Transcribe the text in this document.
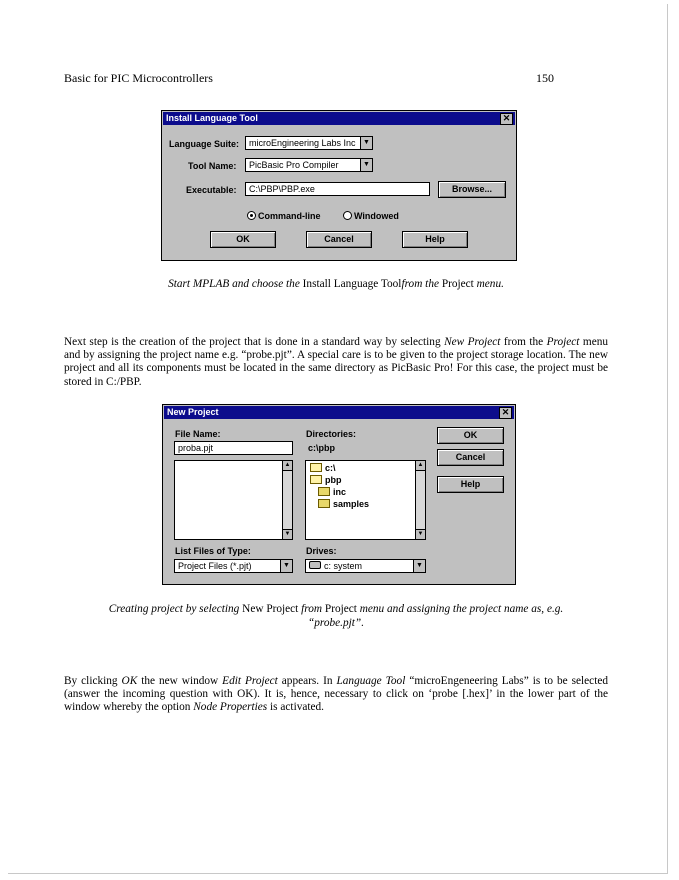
Basic for PIC Microcontrollers	150
Install Language Tool	✕
Language Suite:	microEngineering Labs Inc	▼
Tool Name:	PicBasic Pro Compiler	▼
Executable:	C:\PBP\PBP.exe	Browse...
Command-line	Windowed
OK	Cancel	Help
Start MPLAB and choose the Install Language Toolfrom the Project menu.
Next step is the creation of the project that is done in a standard way by selecting New Project from the Project menu and by assigning the project name e.g. “probe.pjt”. A special care is to be given to the project storage location. The new project and all its components must be located in the same directory as PicBasic Pro! For this case, the project must be stored in C:/PBP.
New Project	✕
File Name:
proba.pjt
▲
▼
Directories:
c:\pbp
c:\
pbp
inc
samples
▲
▼
List Files of Type:
Project Files (*.pjt)	▼
Drives:
c: system	▼
OK
Cancel
Help
Creating project by selecting New Project from Project menu and assigning the project name as, e.g.
“probe.pjt”.
By clicking OK the new window Edit Project appears. In Language Tool “microEngeneering Labs” is to be selected (answer the incoming question with OK). It is, hence, necessary to click on ‘probe [.hex]’ in the lower part of the window whereby the option Node Properties is activated.
